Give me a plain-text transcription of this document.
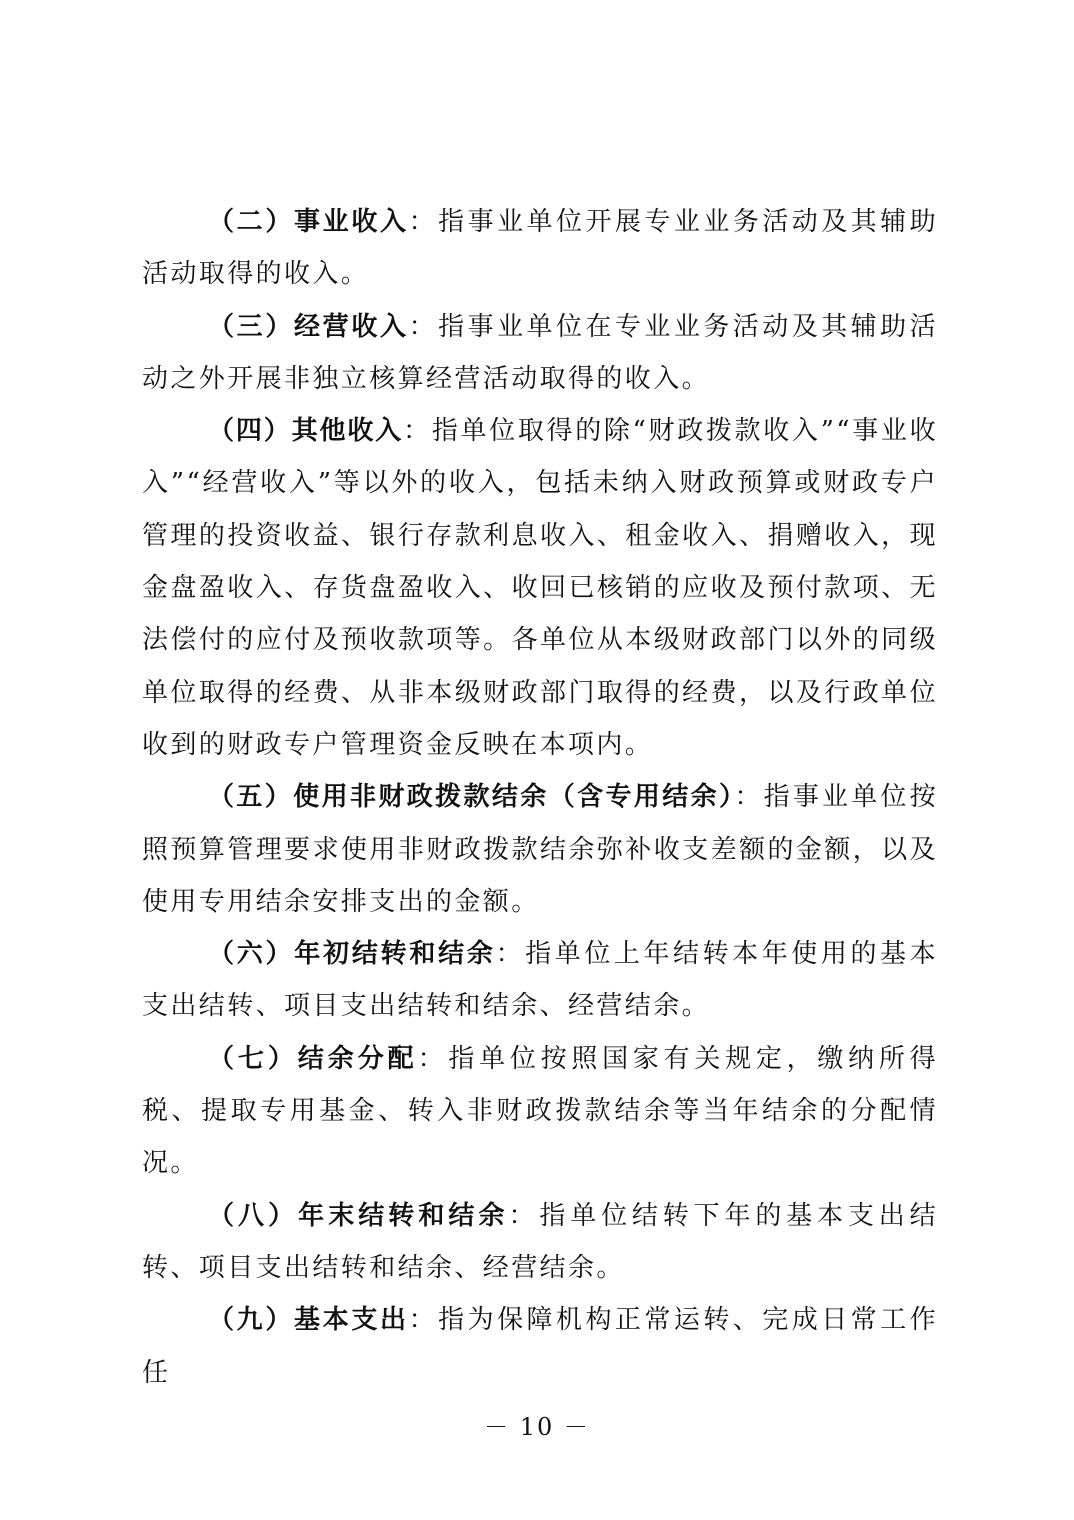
（二）事业收入：指事业单位开展专业业务活动及其辅助活动取得的收入。

（三）经营收入：指事业单位在专业业务活动及其辅助活动之外开展非独立核算经营活动取得的收入。

（四）其他收入：指单位取得的除“财政拨款收入”“事业收入”“经营收入”等以外的收入，包括未纳入财政预算或财政专户管理的投资收益、银行存款利息收入、租金收入、捐赠收入，现金盘盈收入、存货盘盈收入、收回已核销的应收及预付款项、无法偿付的应付及预收款项等。各单位从本级财政部门以外的同级单位取得的经费、从非本级财政部门取得的经费，以及行政单位收到的财政专户管理资金反映在本项内。

（五）使用非财政拨款结余（含专用结余）：指事业单位按照预算管理要求使用非财政拨款结余弥补收支差额的金额，以及使用专用结余安排支出的金额。

（六）年初结转和结余：指单位上年结转本年使用的基本支出结转、项目支出结转和结余、经营结余。

（七）结余分配：指单位按照国家有关规定，缴纳所得税、提取专用基金、转入非财政拨款结余等当年结余的分配情况。

（八）年末结转和结余：指单位结转下年的基本支出结转、项目支出结转和结余、经营结余。

（九）基本支出：指为保障机构正常运转、完成日常工作任

－ 10 －
